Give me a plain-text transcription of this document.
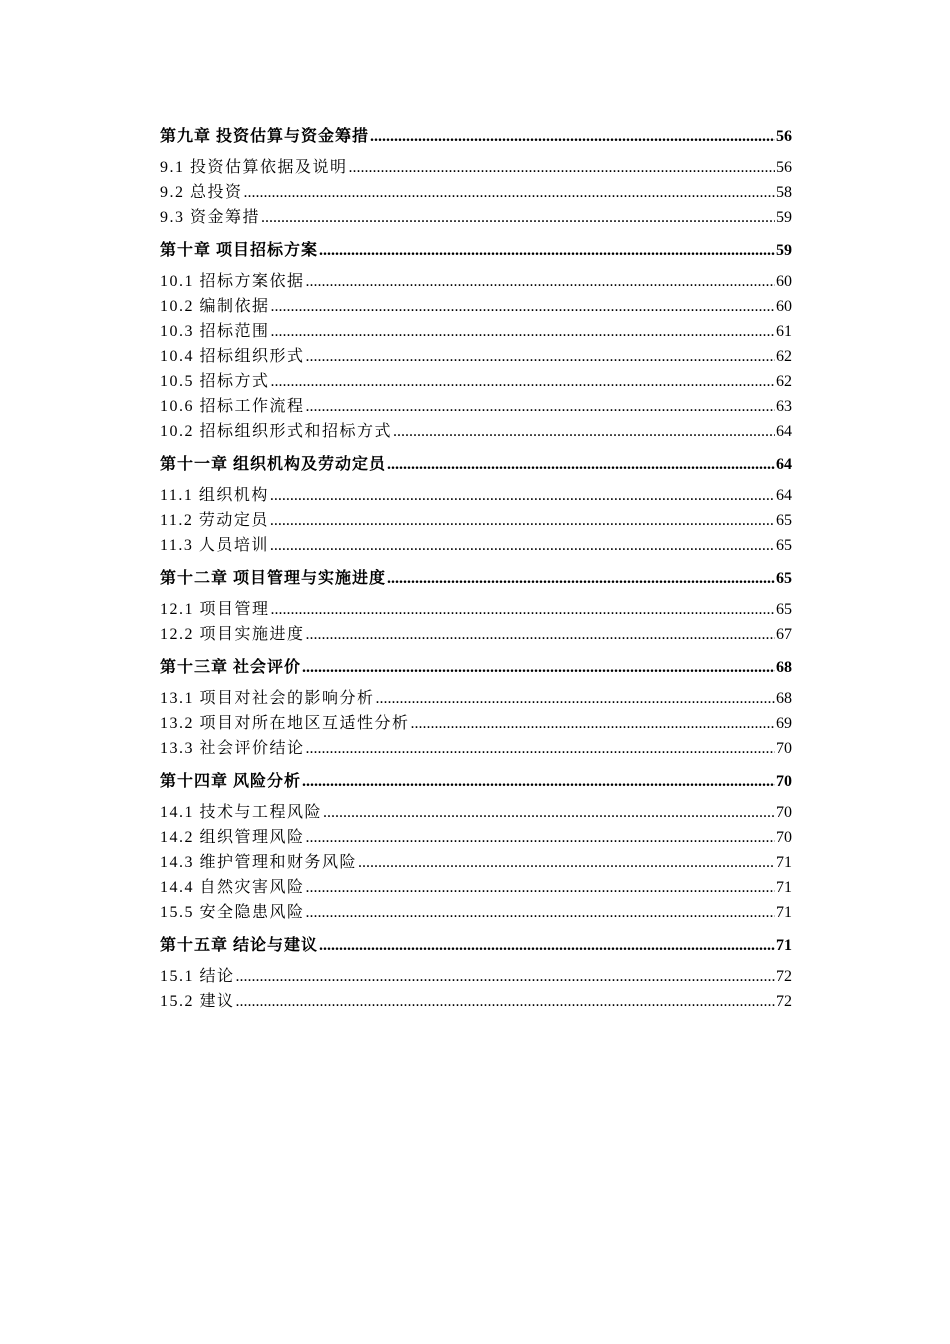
第九章 投资估算与资金筹措 .....	56
9.1 投资估算依据及说明 .....	56
9.2 总投资 .....	58
9.3 资金筹措 .....	59
第十章 项目招标方案 .....	59
10.1 招标方案依据 .....	60
10.2 编制依据 .....	60
10.3 招标范围 .....	61
10.4 招标组织形式 .....	62
10.5 招标方式 .....	62
10.6 招标工作流程 .....	63
10.2 招标组织形式和招标方式 .....	64
第十一章 组织机构及劳动定员 .....	64
11.1 组织机构 .....	64
11.2 劳动定员 .....	65
11.3 人员培训 .....	65
第十二章 项目管理与实施进度 .....	65
12.1 项目管理 .....	65
12.2 项目实施进度 .....	67
第十三章 社会评价 .....	68
13.1 项目对社会的影响分析 .....	68
13.2 项目对所在地区互适性分析 .....	69
13.3 社会评价结论 .....	70
第十四章 风险分析 .....	70
14.1 技术与工程风险 .....	70
14.2 组织管理风险 .....	70
14.3 维护管理和财务风险 .....	71
14.4 自然灾害风险 .....	71
15.5 安全隐患风险 .....	71
第十五章 结论与建议 .....	71
15.1 结论 .....	72
15.2 建议 .....	72
